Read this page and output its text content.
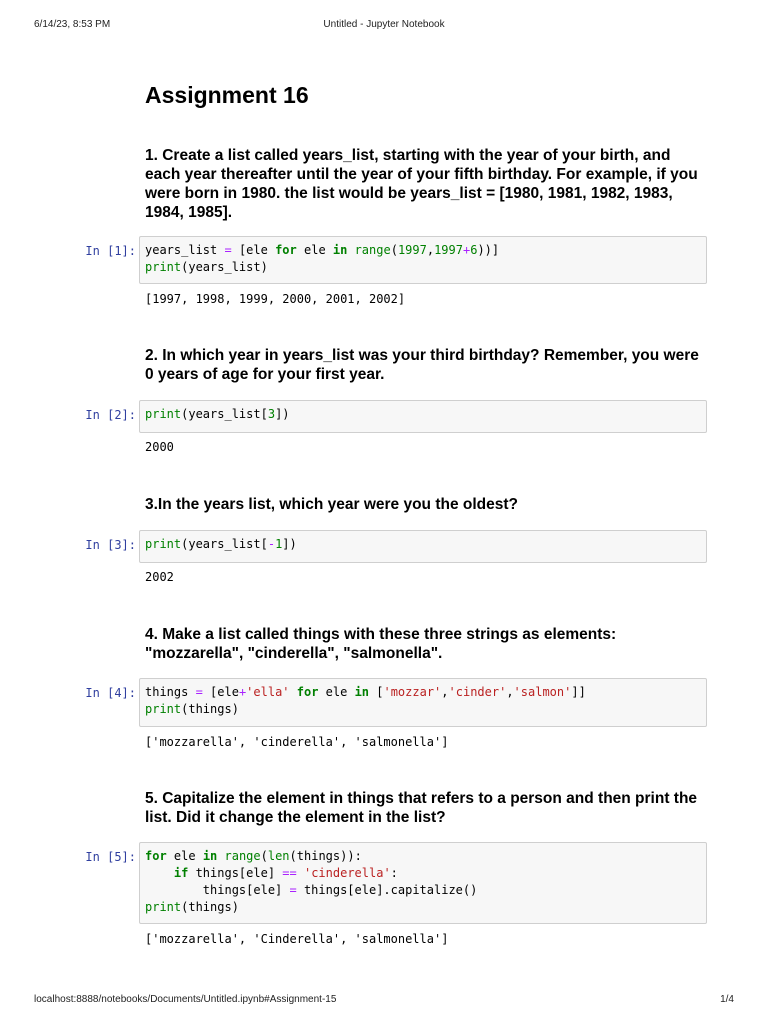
6/14/23, 8:53 PM	Untitled - Jupyter Notebook
Assignment 16

1. Create a list called years_list, starting with the year of your birth, and each year thereafter until the year of your fifth birthday. For example, if you were born in 1980. the list would be years_list = [1980, 1981, 1982, 1983, 1984, 1985].

In [1]: years_list = [ele for ele in range(1997,1997+6))]
print(years_list)
[1997, 1998, 1999, 2000, 2001, 2002]

2. In which year in years_list was your third birthday? Remember, you were 0 years of age for your first year.

In [2]: print(years_list[3])
2000

3.In the years list, which year were you the oldest?

In [3]: print(years_list[-1])
2002

4. Make a list called things with these three strings as elements: "mozzarella", "cinderella", "salmonella".

In [4]: things = [ele+'ella' for ele in ['mozzar','cinder','salmon']]
print(things)
['mozzarella', 'cinderella', 'salmonella']

5. Capitalize the element in things that refers to a person and then print the list. Did it change the element in the list?

In [5]: for ele in range(len(things)):
if things[ele] == 'cinderella':
things[ele] = things[ele].capitalize()
print(things)
['mozzarella', 'Cinderella', 'salmonella']
localhost:8888/notebooks/Documents/Untitled.ipynb#Assignment-15	1/4
